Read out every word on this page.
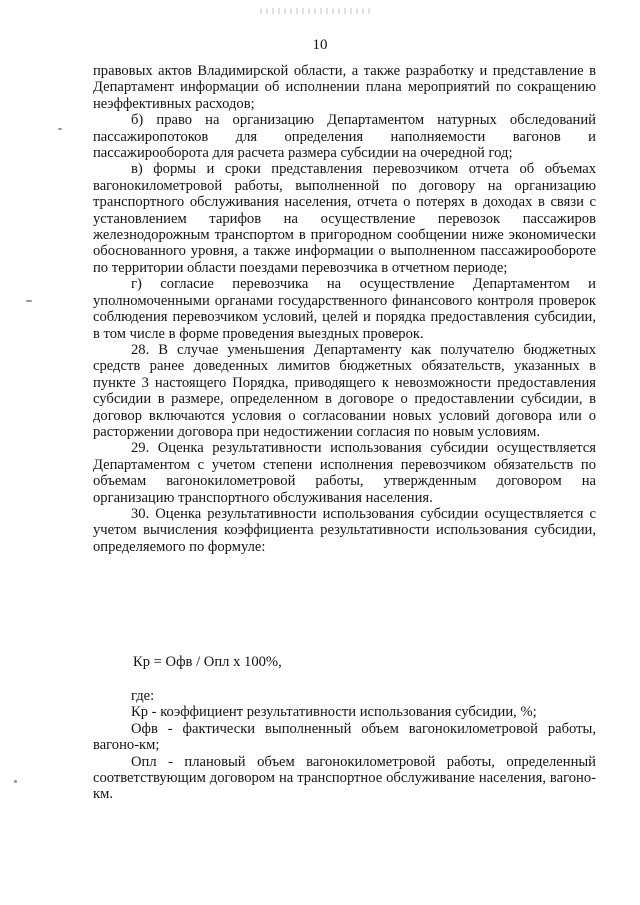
10

правовых актов Владимирской области, а также разработку и представление в Департамент информации об исполнении плана мероприятий по сокращению неэффективных расходов;

б) право на организацию Департаментом натурных обследований пассажиропотоков для определения наполняемости вагонов и пассажирооборота для расчета размера субсидии на очередной год;

в) формы и сроки представления перевозчиком отчета об объемах вагонокилометровой работы, выполненной по договору на организацию транспортного обслуживания населения, отчета о потерях в доходах в связи с установлением тарифов на осуществление перевозок пассажиров железнодорожным транспортом в пригородном сообщении ниже экономически обоснованного уровня, а также информации о выполненном пассажирообороте по территории области поездами перевозчика в отчетном периоде;

г) согласие перевозчика на осуществление Департаментом и уполномоченными органами государственного финансового контроля проверок соблюдения перевозчиком условий, целей и порядка предоставления субсидии, в том числе в форме проведения выездных проверок.

28. В случае уменьшения Департаменту как получателю бюджетных средств ранее доведенных лимитов бюджетных обязательств, указанных в пункте 3 настоящего Порядка, приводящего к невозможности предоставления субсидии в размере, определенном в договоре о предоставлении субсидии, в договор включаются условия о согласовании новых условий договора или о расторжении договора при недостижении согласия по новым условиям.

29. Оценка результативности использования субсидии осуществляется Департаментом с учетом степени исполнения перевозчиком обязательств по объемам вагонокилометровой работы, утвержденным договором на организацию транспортного обслуживания населения.

30. Оценка результативности использования субсидии осуществляется с учетом вычисления коэффициента результативности использования субсидии, определяемого по формуле:

Кр = Офв / Опл x 100%,

где:

Кр - коэффициент результативности использования субсидии, %;

Офв - фактически выполненный объем вагонокилометровой работы, вагоно-км;

Опл - плановый объем вагонокилометровой работы, определенный соответствующим договором на транспортное обслуживание населения, вагоно-км.
